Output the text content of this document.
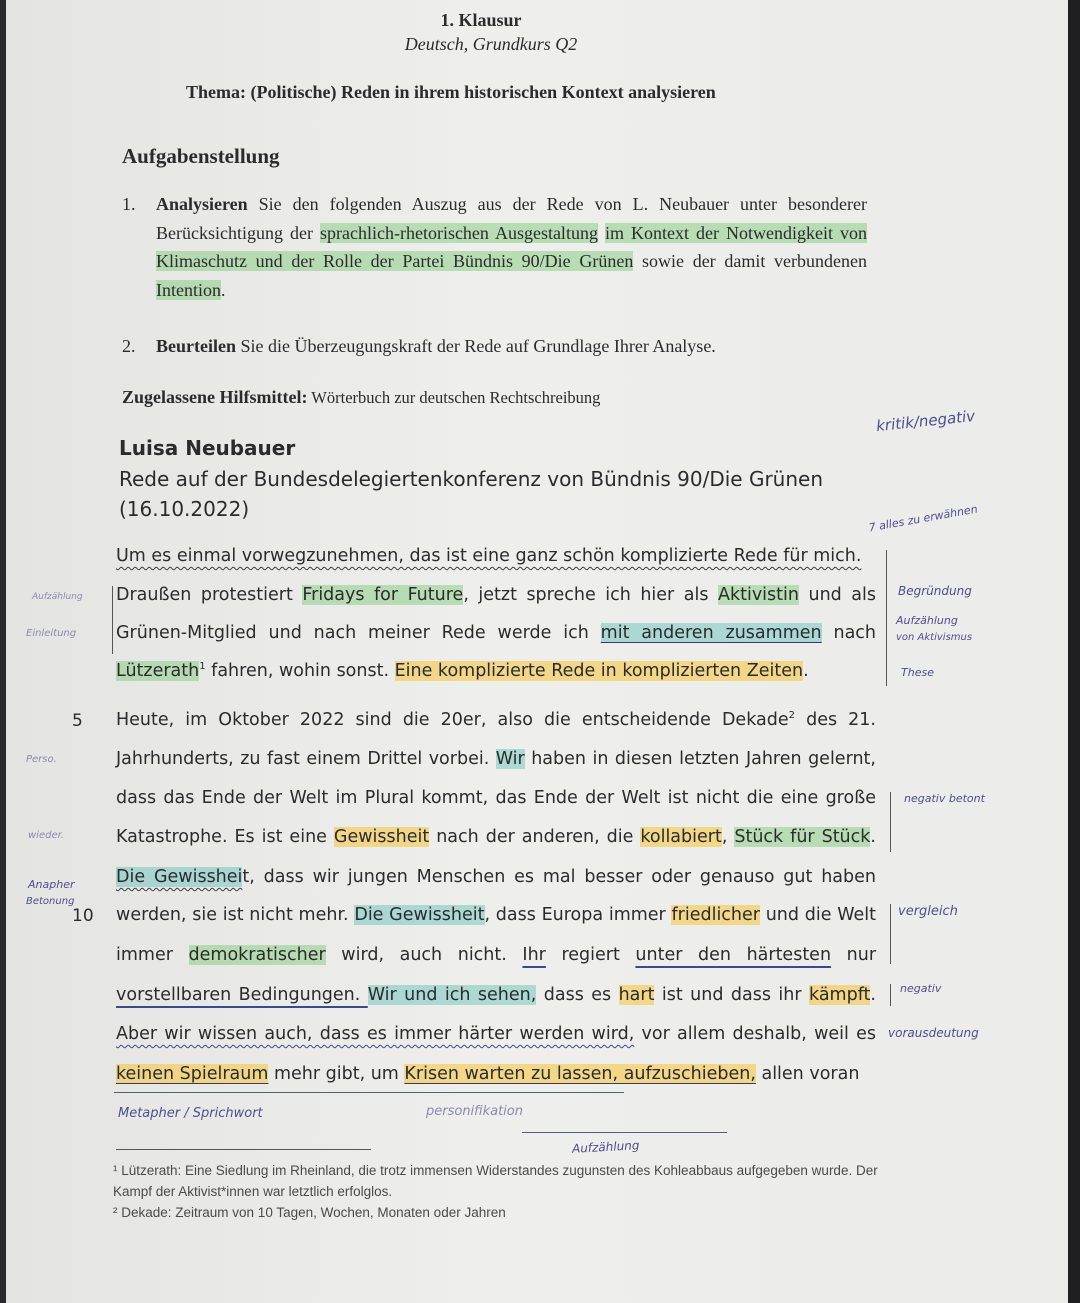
1. Klausur
Deutsch, Grundkurs Q2
Thema: (Politische) Reden in ihrem historischen Kontext analysieren
Aufgabenstellung
1. Analysieren Sie den folgenden Auszug aus der Rede von L. Neubauer unter besonderer Berücksichtigung der sprachlich-rhetorischen Ausgestaltung im Kontext der Notwendigkeit von Klimaschutz und der Rolle der Partei Bündnis 90/Die Grünen sowie der damit verbundenen Intention.
2. Beurteilen Sie die Überzeugungskraft der Rede auf Grundlage Ihrer Analyse.
Zugelassene Hilfsmittel: Wörterbuch zur deutschen Rechtschreibung
Luisa Neubauer
Rede auf der Bundesdelegiertenkonferenz von Bündnis 90/Die Grünen
(16.10.2022)
Um es einmal vorwegzunehmen, das ist eine ganz schön komplizierte Rede für mich.
Draußen protestiert Fridays for Future, jetzt spreche ich hier als Aktivistin und als
Grünen-Mitglied und nach meiner Rede werde ich mit anderen zusammen nach
Lützerath$^1$ fahren, wohin sonst. Eine komplizierte Rede in komplizierten Zeiten.
5 Heute, im Oktober 2022 sind die 20er, also die entscheidende Dekade$^2$ des 21.
Jahrhunderts, zu fast einem Drittel vorbei. Wir haben in diesen letzten Jahren gelernt,
dass das Ende der Welt im Plural kommt, das Ende der Welt ist nicht die eine große
Katastrophe. Es ist eine Gewissheit nach der anderen, die kollabiert, Stück für Stück.
Die Gewissheit, dass wir jungen Menschen es mal besser oder genauso gut haben
10 werden, sie ist nicht mehr. Die Gewissheit, dass Europa immer friedlicher und die Welt
immer demokratischer wird, auch nicht. Ihr regiert unter den härtesten nur
vorstellbaren Bedingungen. Wir und ich sehen, dass es hart ist und dass ihr kämpft.
Aber wir wissen auch, dass es immer härter werden wird, vor allem deshalb, weil es
keinen Spielraum mehr gibt, um Krisen warten zu lassen, aufzuschieben, allen voran
kritik/negativ
7 alles zu erwähnen
Begründung
Aufzählung
von Aktivismus
These
Aufzählung
Einleitung
Perso.
wieder.
Anapher
Betonung
negativ betont
vergleich
negativ
vorausdeutung
Metapher / Sprichwort	personifikation
Aufzählung
¹ Lützerath: Eine Siedlung im Rheinland, die trotz immensen Widerstandes zugunsten des Kohleabbaus aufgegeben wurde. Der Kampf der Aktivist*innen war letztlich erfolglos.
² Dekade: Zeitraum von 10 Tagen, Wochen, Monaten oder Jahren
